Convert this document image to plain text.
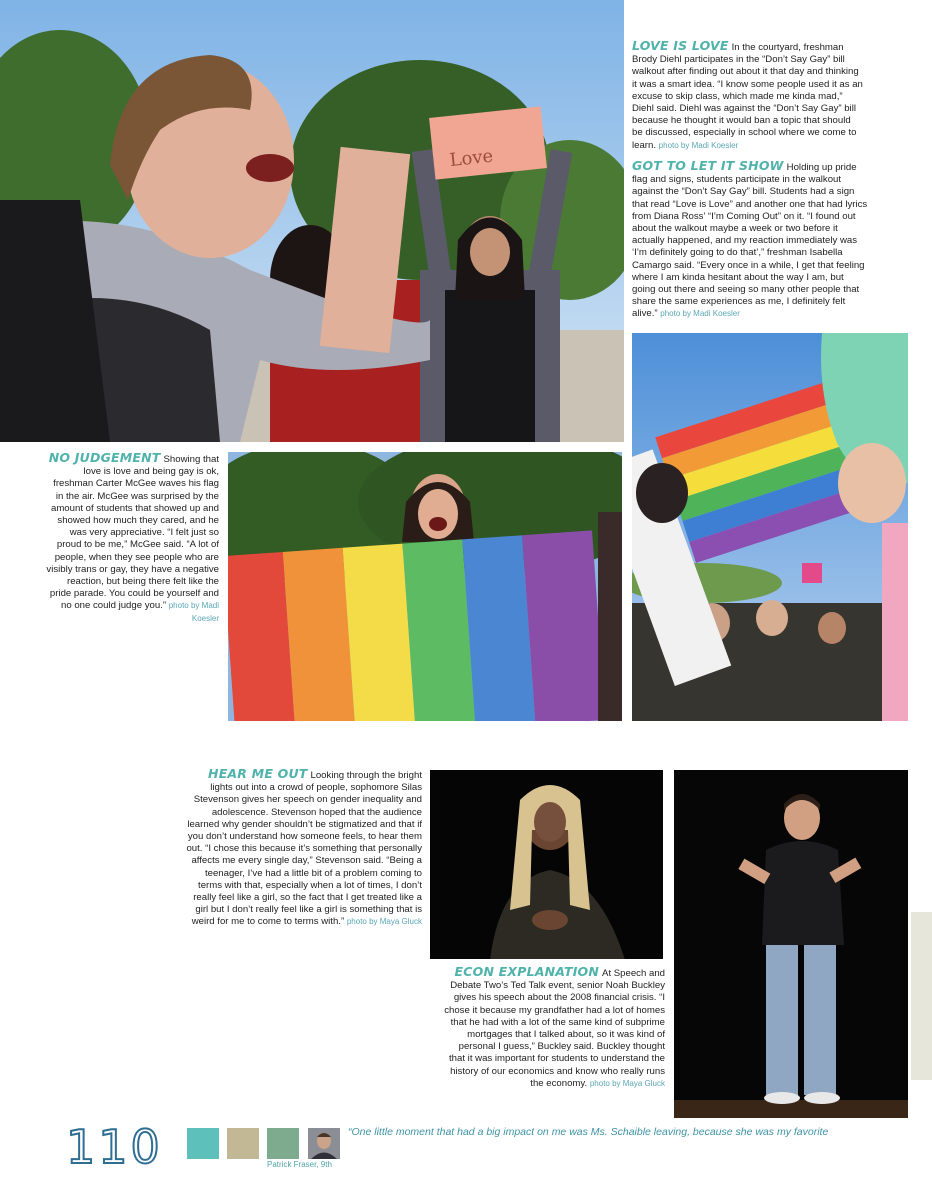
Love
LOVE IS LOVE In the courtyard, freshman Brody Diehl participates in the “Don’t Say Gay” bill walkout after finding out about it that day and thinking it was a smart idea. “I know some people used it as an excuse to skip class, which made me kinda mad,” Diehl said. Diehl was against the “Don’t Say Gay” bill because he thought it would ban a topic that should be discussed, especially in school where we come to learn. photo by Madi Koesler
GOT TO LET IT SHOW Holding up pride flag and signs, students participate in the walkout against the “Don’t Say Gay” bill. Students had a sign that read “Love is Love” and another one that had lyrics from Diana Ross’ “I’m Coming Out” on it. “I found out about the walkout maybe a week or two before it actually happened, and my reaction immediately was ‘I’m definitely going to do that’,” freshman Isabella Camargo said. “Every once in a while, I get that feeling where I am kinda hesitant about the way I am, but going out there and seeing so many other people that share the same experiences as me, I definitely felt alive.” photo by Madi Koesler
NO JUDGEMENT Showing that love is love and being gay is ok, freshman Carter McGee waves his flag in the air. McGee was surprised by the amount of students that showed up and showed how much they cared, and he was very appreciative. “I felt just so proud to be me,” McGee said. “A lot of people, when they see people who are visibly trans or gay, they have a negative reaction, but being there felt like the pride parade. You could be yourself and no one could judge you.” photo by Madi Koesler
HEAR ME OUT Looking through the bright lights out into a crowd of people, sophomore Silas Stevenson gives her speech on gender inequality and adolescence. Stevenson hoped that the audience learned why gender shouldn’t be stigmatized and that if you don’t understand how someone feels, to hear them out. “I chose this because it’s something that personally affects me every single day,” Stevenson said. “Being a teenager, I’ve had a little bit of a problem coming to terms with that, especially when a lot of times, I don’t really feel like a girl, so the fact that I get treated like a girl but I don’t really feel like a girl is something that is weird for me to come to terms with.” photo by Maya Gluck
ECON EXPLANATION At Speech and Debate Two’s Ted Talk event, senior Noah Buckley gives his speech about the 2008 financial crisis. “I chose it because my grandfather had a lot of homes that he had with a lot of the same kind of subprime mortgages that I talked about, so it was kind of personal I guess,” Buckley said. Buckley thought that it was important for students to understand the history of our economics and know who really runs the economy. photo by Maya Gluck
110	“One little moment that had a big impact on me was Ms. Schaible leaving, because she was my favorite
Patrick Fraser, 9th
